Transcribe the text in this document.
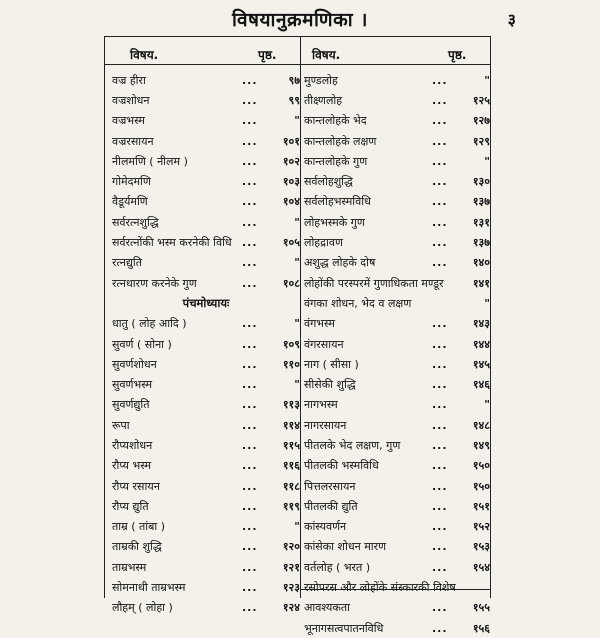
विषयानुक्रमणिका ।	३
विषय.	पृष्ठ.	विषय.	पृष्ठ.
वज्र हीरा	...	९७
वज्रशोधन	...	९९
वज्रभस्म	...	"
वज्ररसायन	...	१०१
नीलमणि ( नीलम )	...	१०२
गोमेदमणि	...	१०३
वैडूर्यमणि	...	१०४
सर्वरत्नशुद्धि	...	"
सर्वरत्नोंकी भस्म करनेकी विधि ...	१०५
रत्नद्युति	...	"
रत्नधारण करनेके गुण	...	१०८
पंचमोध्यायः
धातु ( लोह आदि )	...	"
सुवर्ण ( सोना )	...	१०९
सुवर्णशोधन	...	११०
सुवर्णभस्म	...	"
सुवर्णद्युति	...	११३
रूपा	...	११४
रौप्यशोधन	...	११५
रौप्य भस्म	...	११६
रौप्य रसायन	...	११८
रौप्य द्युति	...	११९
ताम्र ( तांबा )	...	"
ताम्रकी शुद्धि	...	१२०
ताम्रभस्म	...	१२१
सोमनाथी ताम्रभस्म	...	१२३
लौहम् ( लोहा )	...	१२४
मुण्डलोह	...	"
तीक्ष्णलोह	...	१२५
कान्तलोहके भेद	...	१२७
कान्तलोहके लक्षण	...	१२९
कान्तलोहके गुण	...	"
सर्वलोहशुद्धि	...	१३०
सर्वलोहभस्मविधि	...	१३७
लोहभस्मके गुण	...	१३१
लोहद्रावण	...	१३७
अशुद्ध लोहके दोष	...	१४०
लोहोंकी परस्परमें गुणाधिकता मण्डूर	१४१
वंगका शोधन, भेद व लक्षण	"
वंगभस्म	...	१४३
वंगरसायन	...	१४४
नाग ( सीसा )	...	१४५
सीसेकी शुद्धि	...	१४६
नागभस्म	...	"
नागरसायन	...	१४८
पीतलके भेद लक्षण, गुण	...	१४९
पीतलकी भस्मविधि	...	१५०
पित्तलरसायन	...	१५०
पीतलकी द्युति	...	१५१
कांस्यवर्णन	...	१५२
कांसेका शोधन मारण	...	१५३
वर्तलोह ( भरत )	...	१५४
रसोपरस और लोहोंके संस्कारकी विशेष
आवश्यकता	...	१५५
भूनागसत्वपातनविधि	...	१५६
